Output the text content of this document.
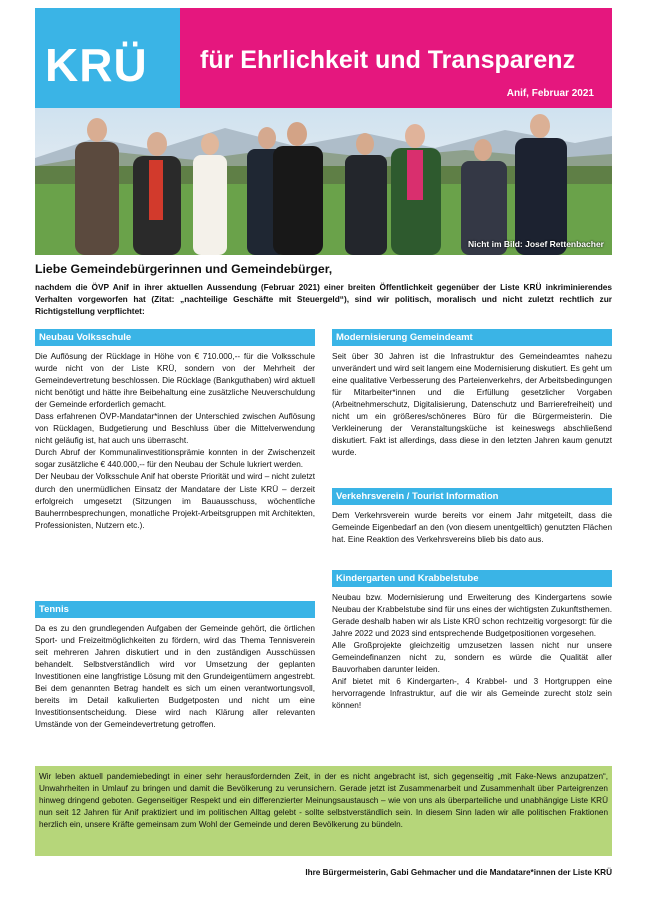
KRÜ für Ehrlichkeit und Transparenz
Anif, Februar 2021
Nicht im Bild: Josef Rettenbacher
Liebe Gemeindebürgerinnen und Gemeindebürger,
nachdem die ÖVP Anif in ihrer aktuellen Aussendung (Februar 2021) einer breiten Öffentlichkeit gegenüber der Liste KRÜ inkriminierendes Verhalten vorgeworfen hat (Zitat: „nachteilige Geschäfte mit Steuergeld“), sind wir politisch, moralisch und nicht zuletzt rechtlich zur Richtigstellung verpflichtet:
Neubau Volksschule

Die Auflösung der Rücklage in Höhe von € 710.000,-- für die Volksschule wurde nicht von der Liste KRÜ, sondern von der Mehrheit der Gemeindevertretung beschlossen. Die Rücklage (Bankguthaben) wird aktuell nicht benötigt und hätte ihre Beibehaltung eine zusätzliche Neuverschuldung der Gemeinde erforderlich gemacht.

Dass erfahrenen ÖVP-Mandatar*innen der Unterschied zwischen Auflösung von Rücklagen, Budgetierung und Beschluss über die Mittelverwendung nicht geläufig ist, hat auch uns überrascht.

Durch Abruf der Kommunalinvestitionsprämie konnten in der Zwischenzeit sogar zusätzliche € 440.000,-- für den Neubau der Schule lukriert werden.

Der Neubau der Volksschule Anif hat oberste Priorität und wird – nicht zuletzt durch den unermüdlichen Einsatz der Mandatare der Liste KRÜ – derzeit erfolgreich umgesetzt (Sitzungen im Bauausschuss, wöchentliche Bauherrnbesprechungen, monatliche Projekt-Arbeitsgruppen mit Architekten, Professionisten, Nutzern etc.).

Tennis

Da es zu den grundlegenden Aufgaben der Gemeinde gehört, die örtlichen Sport- und Freizeitmöglichkeiten zu fördern, wird das Thema Tennisverein seit mehreren Jahren diskutiert und in den zuständigen Ausschüssen behandelt. Selbstverständlich wird vor Umsetzung der geplanten Investitionen eine langfristige Lösung mit den Grundeigentümern angestrebt. Bei dem genannten Betrag handelt es sich um einen verantwortungsvoll, bereits im Detail kalkulierten Budgetposten und nicht um eine Investitionsentscheidung. Diese wird nach Klärung aller relevanten Umstände von der Gemeindevertretung getroffen.

Modernisierung Gemeindeamt

Seit über 30 Jahren ist die Infrastruktur des Gemeindeamtes nahezu unverändert und wird seit langem eine Modernisierung diskutiert. Es geht um eine qualitative Verbesserung des Parteienverkehrs, der Arbeitsbedingungen für Mitarbeiter*innen und die Erfüllung gesetzlicher Vorgaben (Arbeitnehmerschutz, Digitalisierung, Datenschutz und Barrierefreiheit) und nicht um ein größeres/schöneres Büro für die Bürgermeisterin. Die Verkleinerung der Veranstaltungsküche ist keineswegs abschließend diskutiert. Fakt ist allerdings, dass diese in den letzten Jahren kaum genutzt wurde.

Verkehrsverein / Tourist Information

Dem Verkehrsverein wurde bereits vor einem Jahr mitgeteilt, dass die Gemeinde Eigenbedarf an den (von diesem unentgeltlich) genutzten Flächen hat. Eine Reaktion des Verkehrsvereins blieb bis dato aus.

Kindergarten und Krabbelstube

Neubau bzw. Modernisierung und Erweiterung des Kindergartens sowie Neubau der Krabbelstube sind für uns eines der wichtigsten Zukunftsthemen. Gerade deshalb haben wir als Liste KRÜ schon rechtzeitig vorgesorgt: für die Jahre 2022 und 2023 sind entsprechende Budgetpositionen vorgesehen.

Alle Großprojekte gleichzeitig umzusetzen lassen nicht nur unsere Gemeindefinanzen nicht zu, sondern es würde die Qualität aller Bauvorhaben darunter leiden.

Anif bietet mit 6 Kindergarten-, 4 Krabbel- und 3 Hortgruppen eine hervorragende Infrastruktur, auf die wir als Gemeinde zurecht stolz sein können!

Wir leben aktuell pandemiebedingt in einer sehr herausfordernden Zeit, in der es nicht angebracht ist, sich gegenseitig „mit Fake-News anzupatzen“, Unwahrheiten in Umlauf zu bringen und damit die Bevölkerung zu verunsichern. Gerade jetzt ist Zusammenarbeit und Zusammenhalt über Parteigrenzen hinweg dringend geboten. Gegenseitiger Respekt und ein differenzierter Meinungsaustausch – wie von uns als überparteiliche und unabhängige Liste KRÜ nun seit 12 Jahren für Anif praktiziert und im politischen Alltag gelebt - sollte selbstverständlich sein. In diesem Sinn laden wir alle politischen Fraktionen herzlich ein, unsere Kräfte gemeinsam zum Wohl der Gemeinde und deren Bevölkerung zu bündeln.
Ihre Bürgermeisterin, Gabi Gehmacher und die Mandatare*innen der Liste KRÜ
